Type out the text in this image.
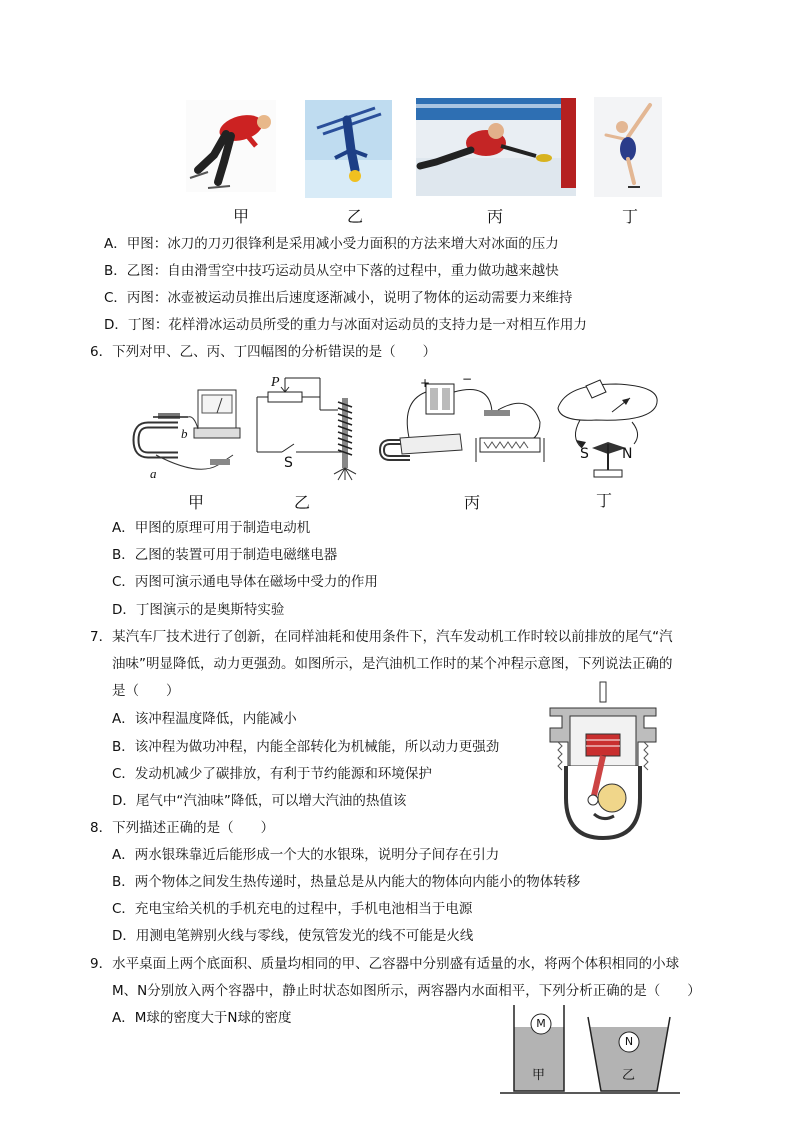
甲	乙	丙	丁
A．甲图：冰刀的刀刃很锋利是采用减小受力面积的方法来增大对冰面的压力
B．乙图：自由滑雪空中技巧运动员从空中下落的过程中，重力做功越来越快
C．丙图：冰壶被运动员推出后速度逐渐减小，说明了物体的运动需要力来维持
D．丁图：花样滑冰运动员所受的重力与冰面对运动员的支持力是一对相互作用力
6．下列对甲、乙、丙、丁四幅图的分析错误的是（　　）
b
a
P
S
+	−
S N
甲	乙	丙	丁
A．甲图的原理可用于制造电动机
B．乙图的装置可用于制造电磁继电器
C．丙图可演示通电导体在磁场中受力的作用
D．丁图演示的是奥斯特实验
7．某汽车厂技术进行了创新，在同样油耗和使用条件下，汽车发动机工作时较以前排放的尾气“汽
油味”明显降低，动力更强劲。如图所示，是汽油机工作时的某个冲程示意图，下列说法正确的
是（　　）
A．该冲程温度降低，内能减小
B．该冲程为做功冲程，内能全部转化为机械能，所以动力更强劲
C．发动机减少了碳排放，有利于节约能源和环境保护
D．尾气中“汽油味”降低，可以增大汽油的热值该
8．下列描述正确的是（　　）
A．两水银珠靠近后能形成一个大的水银珠，说明分子间存在引力
B．两个物体之间发生热传递时，热量总是从内能大的物体向内能小的物体转移
C．充电宝给关机的手机充电的过程中，手机电池相当于电源
D．用测电笔辨别火线与零线，使氖管发光的线不可能是火线
9．水平桌面上两个底面积、质量均相同的甲、乙容器中分别盛有适量的水，将两个体积相同的小球
M、N分别放入两个容器中，静止时状态如图所示，两容器内水面相平，下列分析正确的是（　　）
A．M球的密度大于N球的密度	M
N
甲	乙
